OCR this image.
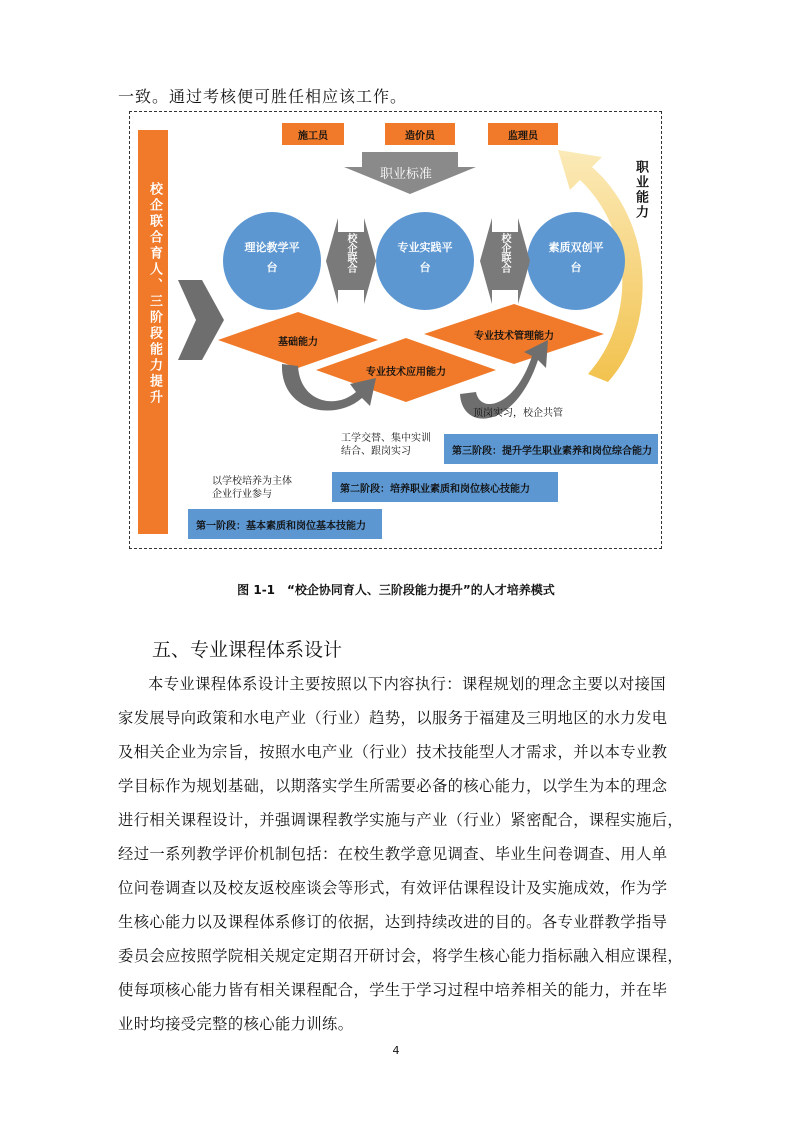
一致。通过考核便可胜任相应该工作。
校企联合育人、三阶段能力提升
施工员	造价员	监理员
职业标准	职业能力
理论教学平台
专业实践平台
素质双创平台
校企联合	校企联合
基础能力
专业技术应用能力
专业技术管理能力
顶岗实习，校企共管
工学交替、集中实训结合、跟岗实习
以学校培养为主体企业行业参与
第三阶段：提升学生职业素养和岗位综合能力
第二阶段：培养职业素质和岗位核心技能力
第一阶段：基本素质和岗位基本技能力
图 1-1　“校企协同育人、三阶段能力提升”的人才培养模式
五、专业课程体系设计
本专业课程体系设计主要按照以下内容执行：课程规划的理念主要以对接国
家发展导向政策和水电产业（行业）趋势，以服务于福建及三明地区的水力发电
及相关企业为宗旨，按照水电产业（行业）技术技能型人才需求，并以本专业教
学目标作为规划基础，以期落实学生所需要必备的核心能力，以学生为本的理念
进行相关课程设计，并强调课程教学实施与产业（行业）紧密配合，课程实施后，
经过一系列教学评价机制包括：在校生教学意见调查、毕业生问卷调查、用人单
位问卷调查以及校友返校座谈会等形式，有效评估课程设计及实施成效，作为学
生核心能力以及课程体系修订的依据，达到持续改进的目的。各专业群教学指导
委员会应按照学院相关规定定期召开研讨会，将学生核心能力指标融入相应课程，
使每项核心能力皆有相关课程配合，学生于学习过程中培养相关的能力，并在毕
业时均接受完整的核心能力训练。
4
